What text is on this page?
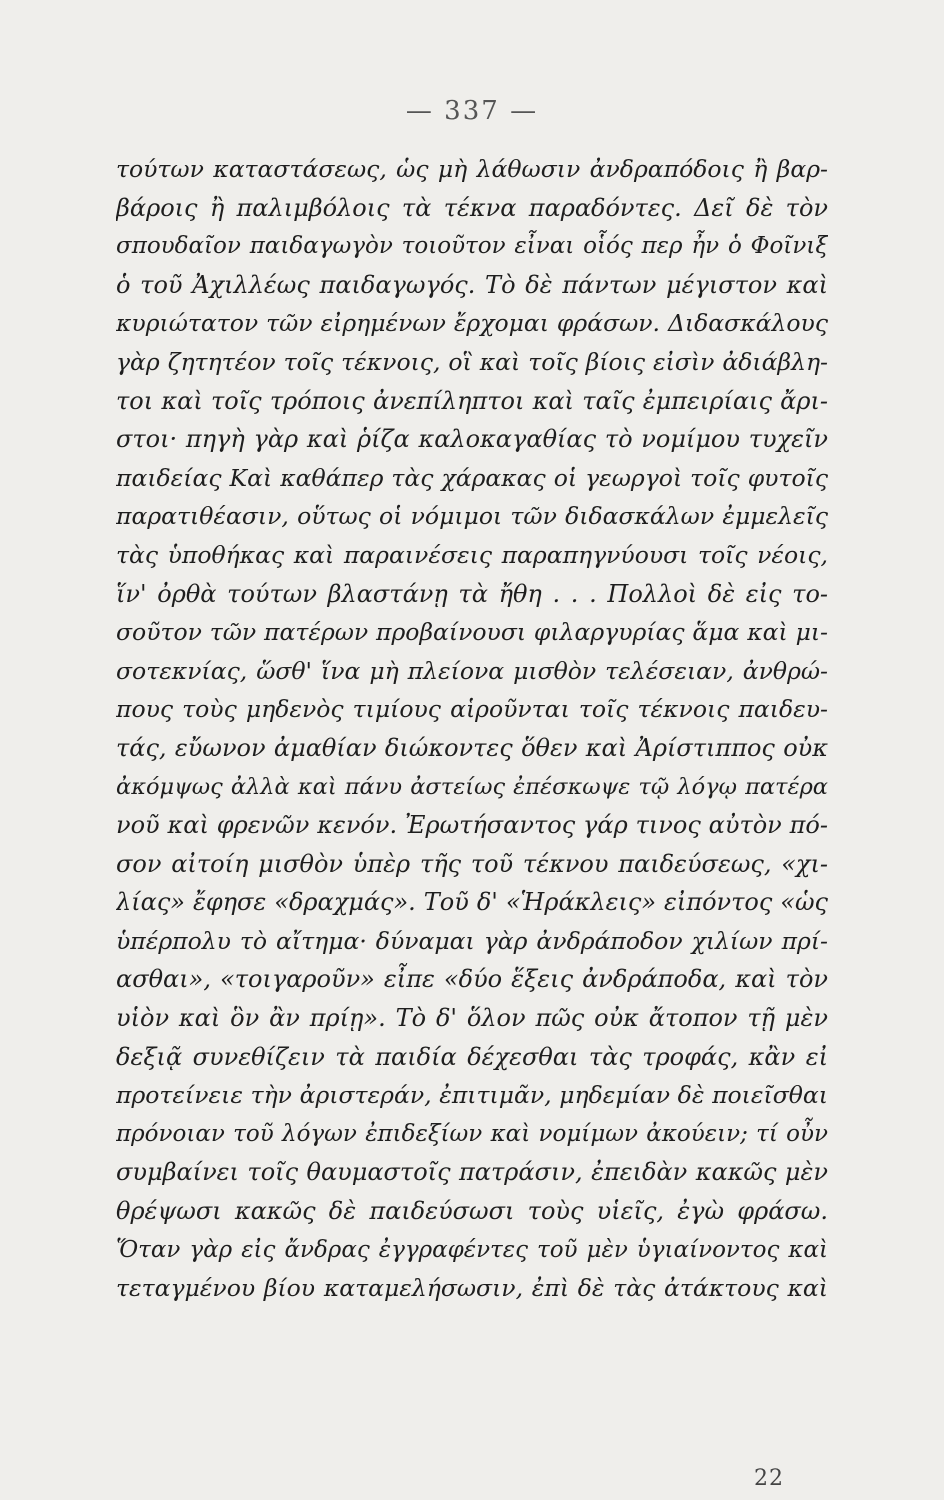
— 337 —
τούτων καταστάσεως, ὡς μὴ λάθωσιν ἀνδραπόδοις ἢ βαρ-
βάροις ἢ παλιμβόλοις τὰ τέκνα παραδόντες. Δεῖ δὲ τὸν
σπουδαῖον παιδαγωγὸν τοιοῦτον εἶναι οἷός περ ἦν ὁ Φοῖνιξ
ὁ τοῦ Ἀχιλλέως παιδαγωγός. Τὸ δὲ πάντων μέγιστον καὶ
κυριώτατον τῶν εἰρημένων ἔρχομαι φράσων. Διδασκάλους
γὰρ ζητητέον τοῖς τέκνοις, οἳ καὶ τοῖς βίοις εἰσὶν ἀδιάβλη-
τοι καὶ τοῖς τρόποις ἀνεπίληπτοι καὶ ταῖς ἐμπειρίαις ἄρι-
στοι· πηγὴ γὰρ καὶ ῥίζα καλοκαγαθίας τὸ νομίμου τυχεῖν
παιδείας Καὶ καθάπερ τὰς χάρακας οἱ γεωργοὶ τοῖς φυτοῖς
παρατιθέασιν, οὕτως οἱ νόμιμοι τῶν διδασκάλων ἐμμελεῖς
τὰς ὑποθήκας καὶ παραινέσεις παραπηγνύουσι τοῖς νέοις,
ἵν' ὀρθὰ τούτων βλαστάνῃ τὰ ἤθη . . . Πολλοὶ δὲ εἰς το-
σοῦτον τῶν πατέρων προβαίνουσι φιλαργυρίας ἅμα καὶ μι-
σοτεκνίας, ὥσθ' ἵνα μὴ πλείονα μισθὸν τελέσειαν, ἀνθρώ-
πους τοὺς μηδενὸς τιμίους αἱροῦνται τοῖς τέκνοις παιδευ-
τάς, εὔωνον ἀμαθίαν διώκοντες ὅθεν καὶ Ἀρίστιππος οὐκ
ἀκόμψως ἀλλὰ καὶ πάνυ ἀστείως ἐπέσκωψε τῷ λόγῳ πατέρα
νοῦ καὶ φρενῶν κενόν. Ἐρωτήσαντος γάρ τινος αὐτὸν πό-
σον αἰτοίη μισθὸν ὑπὲρ τῆς τοῦ τέκνου παιδεύσεως, «χι-
λίας» ἔφησε «δραχμάς». Τοῦ δ' «Ἡράκλεις» εἰπόντος «ὡς
ὑπέρπολυ τὸ αἴτημα· δύναμαι γὰρ ἀνδράποδον χιλίων πρί-
ασθαι», «τοιγαροῦν» εἶπε «δύο ἕξεις ἀνδράποδα, καὶ τὸν
υἱὸν καὶ ὃν ἂν πρίῃ». Τὸ δ' ὅλον πῶς οὐκ ἄτοπον τῇ μὲν
δεξιᾷ συνεθίζειν τὰ παιδία δέχεσθαι τὰς τροφάς, κἂν εἰ
προτείνειε τὴν ἀριστεράν, ἐπιτιμᾶν, μηδεμίαν δὲ ποιεῖσθαι
πρόνοιαν τοῦ λόγων ἐπιδεξίων καὶ νομίμων ἀκούειν; τί οὖν
συμβαίνει τοῖς θαυμαστοῖς πατράσιν, ἐπειδὰν κακῶς μὲν
θρέψωσι κακῶς δὲ παιδεύσωσι τοὺς υἱεῖς, ἐγὼ φράσω.
Ὅταν γὰρ εἰς ἄνδρας ἐγγραφέντες τοῦ μὲν ὑγιαίνοντος καὶ
τεταγμένου βίου καταμελήσωσιν, ἐπὶ δὲ τὰς ἀτάκτους καὶ
22
